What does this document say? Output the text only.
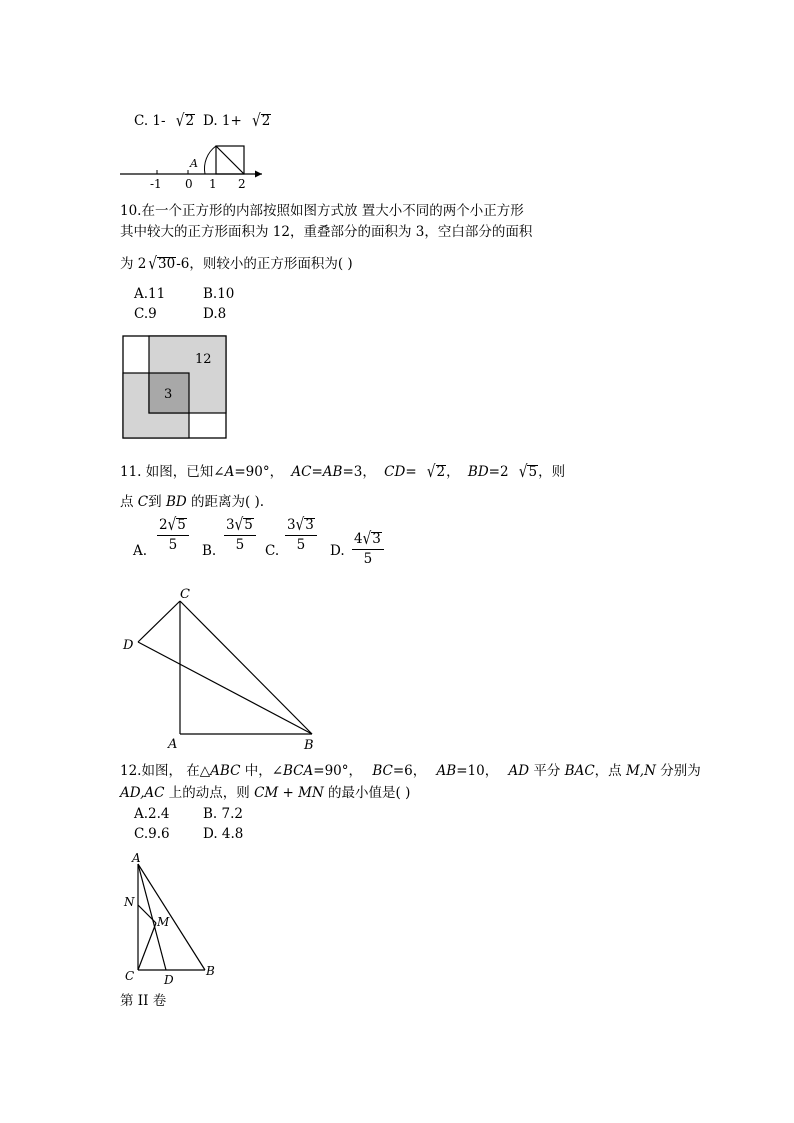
C. 1- √2 D. 1+ √2
-1 0 1 2
A
10.在一个正方形的内部按照如图方式放 置大小不同的两个小正方形
其中较大的正方形面积为 12，重叠部分的面积为 3，空白部分的面积
为 2 √30-6，则较小的正方形面积为( )
A.11	B.10
C.9	D.8
12
3
11. 如图，已知∠A=90°， AC=AB=3， CD= √2， BD=2 √5，则
点 C到 BD 的距离为( ).
A. $\frac{2√5}{5} B$. $\frac{3√5}{5} C$. $\frac{3√3}{5} D$. $\frac{4√3}{5}$
C
D
A	B
12.如图， 在△ABC 中，∠BCA=90°， BC=6， AB=10， AD 平分 BAC，点 M,N 分别为
AD,AC 上的动点，则 CM + MN 的最小值是( )
A.2.4 B. 7.2
C.9.6 D. 4.8
A
N
M
C D
B
第 II 卷
